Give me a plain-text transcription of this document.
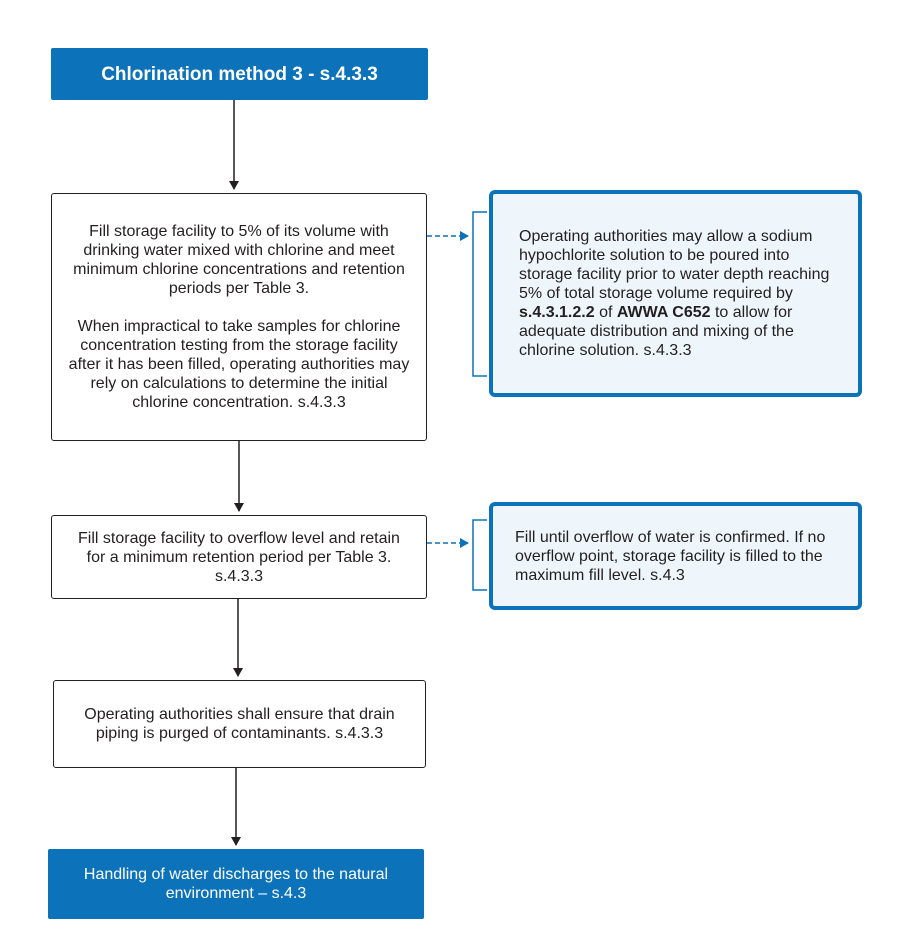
Chlorination method 3 - s.4.3.3

Fill storage facility to 5% of its volume with drinking water mixed with chlorine and meet minimum chlorine concentrations and retention periods per Table 3.

When impractical to take samples for chlorine concentration testing from the storage facility after it has been filled, operating authorities may rely on calculations to determine the initial chlorine concentration. s.4.3.3

Fill storage facility to overflow level and retain for a minimum retention period per Table 3. s.4.3.3

Operating authorities shall ensure that drain piping is purged of contaminants. s.4.3.3

Handling of water discharges to the natural environment – s.4.3
Operating authorities may allow a sodium hypochlorite solution to be poured into storage facility prior to water depth reaching 5% of total storage volume required by s.4.3.1.2.2 of AWWA C652 to allow for adequate distribution and mixing of the chlorine solution. s.4.3.3
Fill until overflow of water is confirmed. If no overflow point, storage facility is filled to the maximum fill level. s.4.3
